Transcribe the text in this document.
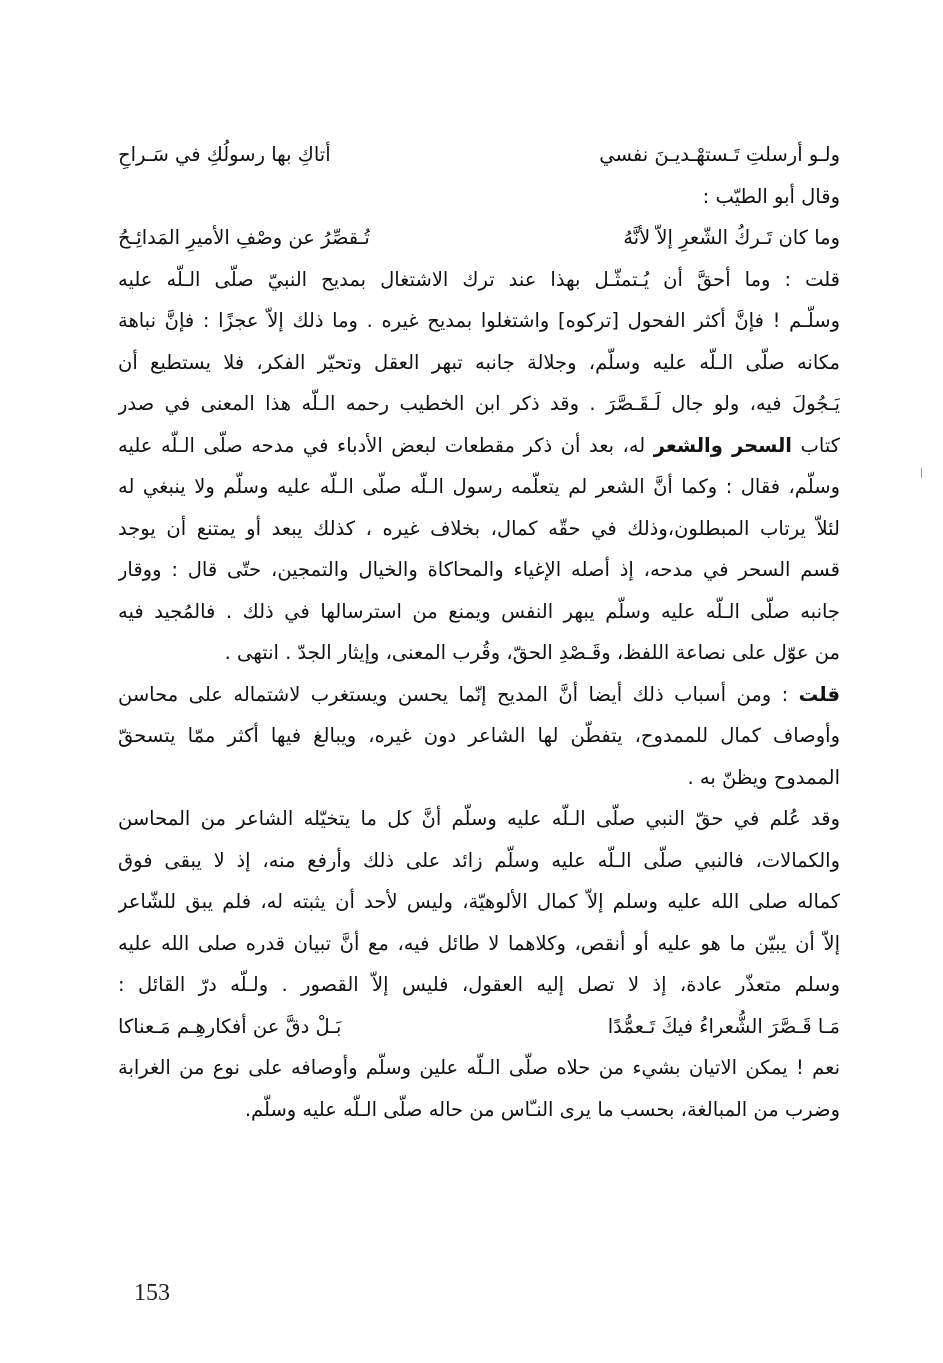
ولـو أرسلتِ تَـستهْـديـنَ نفسي
أتاكِ بها رسولُكِ في سَـراحِ
وقال أبو الطيّب :
وما كان تَـركُ الشّعرِ إلاّ لأنَّهُ
تُـقصِّرُ عن وصْفِ الأميرِ المَدائِـحُ
قلت : وما أحقَّ أن يُـتمثّـل بهذا عند ترك الاشتغال بمديح النبيّ صلّى الـلّه عليه
وسلّـم ! فإنَّ أكثر الفحول [تركوه] واشتغلوا بمديح غيره . وما ذلك إلاّ عجزًا : فإنَّ نباهة
مكانه صلّى الـلّه عليه وسلّم، وجلالة جانبه تبهر العقل وتحيّر الفكر، فلا يستطيع أن
يَـجُولَ فيه، ولو جال لَـقَـصَّرَ . وقد ذكر ابن الخطيب رحمه الـلّه هذا المعنى في صدر
كتاب السحر والشعر له، بعد أن ذكر مقطعات لبعض الأدباء في مدحه صلّى الـلّه عليه
وسلّم، فقال : وكما أنَّ الشعر لم يتعلّمه رسول الـلّه صلّى الـلّه عليه وسلّم ولا ينبغي له
لئلاّ يرتاب المبطلون،وذلك في حقّه كمال، بخلاف غيره ، كذلك يبعد أو يمتنع أن يوجد
قسم السحر في مدحه، إذ أصله الإغياء والمحاكاة والخيال والتمجين، حتّى قال : ووقار
جانبه صلّى الـلّه عليه وسلّم يبهر النفس ويمنع من استرسالها في ذلك . فالمُجيد فيه
من عوّل على نصاعة اللفظ، وقَـصْدِ الحقّ، وقُرب المعنى، وإيثار الجدّ . انتهى .
قلت : ومن أسباب ذلك أيضا أنَّ المديح إنّما يحسن ويستغرب لاشتماله على محاسن
وأوصاف كمال للممدوح، يتفطّن لها الشاعر دون غيره، ويبالغ فيها أكثر ممّا يتسحقّ
الممدوح ويظنّ به .
وقد عُلم في حقّ النبي صلّى الـلّه عليه وسلّم أنَّ كل ما يتخيّله الشاعر من المحاسن
والكمالات، فالنبي صلّى الـلّه عليه وسلّم زائد على ذلك وأرفع منه، إذ لا يبقى فوق
كماله صلى الله عليه وسلم إلاّ كمال الألوهيّة، وليس لأحد أن يثبته له، فلم يبق للشّاعر
إلاّ أن يبيّن ما هو عليه أو أنقص، وكلاهما لا طائل فيه، مع أنَّ تبيان قدره صلى الله عليه
وسلم متعذّر عادة، إذ لا تصل إليه العقول، فليس إلاّ القصور . ولـلّه درّ القائل :
مَـا قَـصَّرَ الشُّعراءُ فيكَ تَـعمُّدًا
بَـلْ دقَّ عن أفكارهِـم مَـعناكا
نعم ! يمكن الاتيان بشيء من حلاه صلّى الـلّه علين وسلّم وأوصافه على نوع من الغرابة
وضرب من المبالغة، بحسب ما يرى النـّاس من حاله صلّى الـلّه عليه وسلّم.
153
